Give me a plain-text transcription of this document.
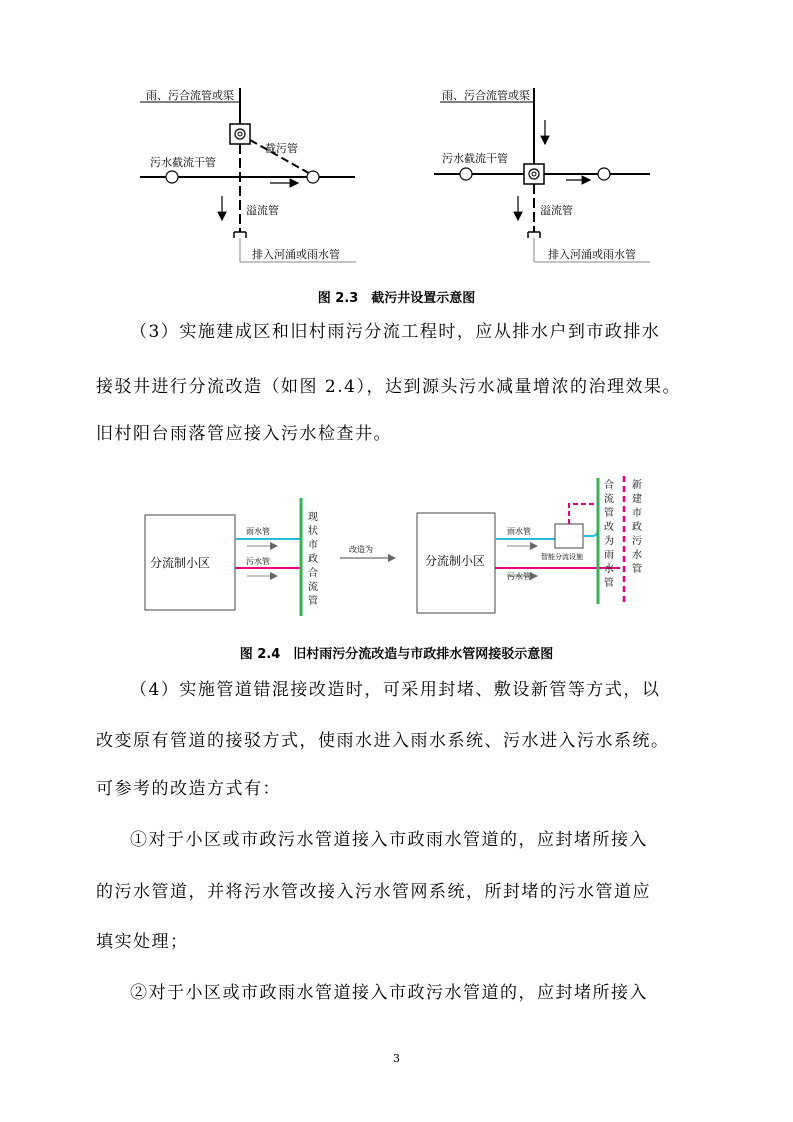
雨、污合流管或渠
污水截流干管
截污管
溢流管
排入河涌或雨水管
雨、污合流管或渠
污水截流干管
溢流管
排入河涌或雨水管
图 2.3　截污井设置示意图
（3）实施建成区和旧村雨污分流工程时，应从排水户到市政排水
接驳井进行分流改造（如图 2.4），达到源头污水减量增浓的治理效果。
旧村阳台雨落管应接入污水检查井。
分流制小区
雨水管
污水管
现
状
市
政
合
流
管
改造为
分流制小区
雨水管
污水管
智能分流设施
合
流
管
改
为
雨
水
管
新
建
市
政
污
水
管
图 2.4　旧村雨污分流改造与市政排水管网接驳示意图
（4）实施管道错混接改造时，可采用封堵、敷设新管等方式，以
改变原有管道的接驳方式，使雨水进入雨水系统、污水进入污水系统。
可参考的改造方式有：
①对于小区或市政污水管道接入市政雨水管道的，应封堵所接入
的污水管道，并将污水管改接入污水管网系统，所封堵的污水管道应
填实处理；
②对于小区或市政雨水管道接入市政污水管道的，应封堵所接入
3
